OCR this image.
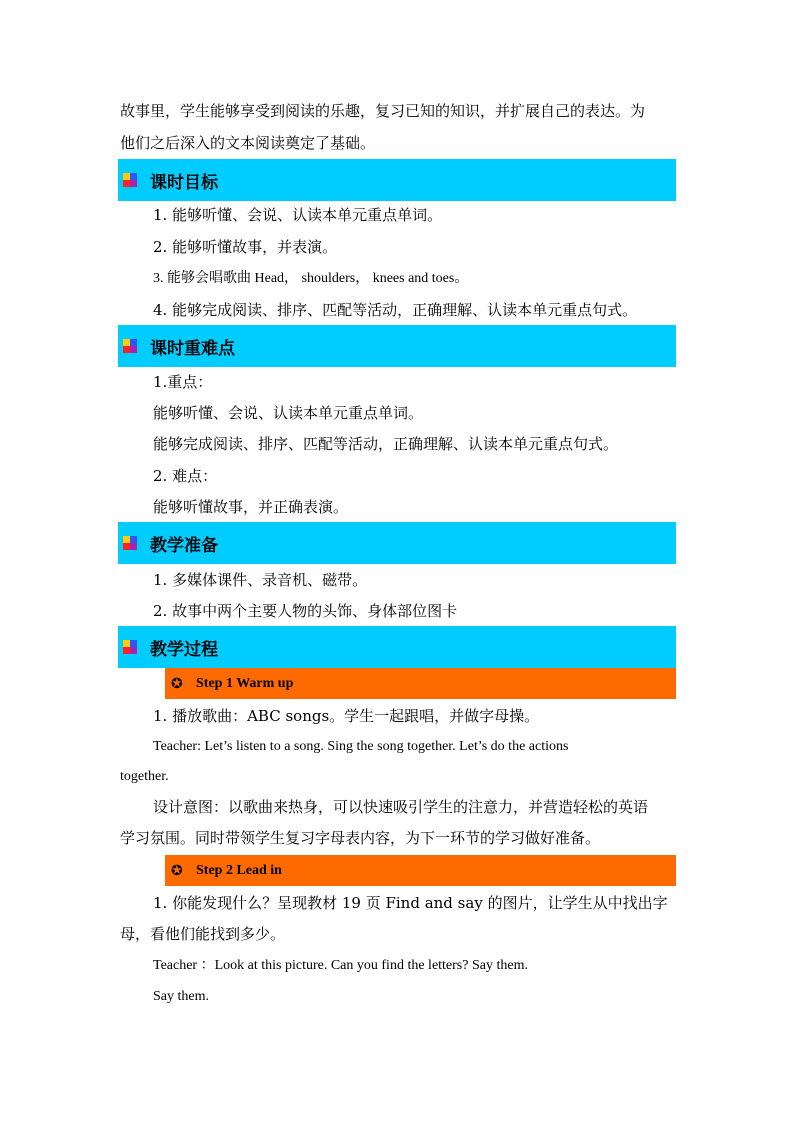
故事里，学生能够享受到阅读的乐趣，复习已知的知识，并扩展自己的表达。为
他们之后深入的文本阅读奠定了基础。
课时目标
1. 能够听懂、会说、认读本单元重点单词。
2. 能够听懂故事，并表演。
3. 能够会唱歌曲 Head， shoulders， knees and toes。
4. 能够完成阅读、排序、匹配等活动，正确理解、认读本单元重点句式。
课时重难点
1.重点：
能够听懂、会说、认读本单元重点单词。
能够完成阅读、排序、匹配等活动，正确理解、认读本单元重点句式。
2. 难点：
能够听懂故事，并正确表演。
教学准备
1. 多媒体课件、录音机、磁带。
2. 故事中两个主要人物的头饰、身体部位图卡
教学过程
✪ Step 1 Warm up
1. 播放歌曲：ABC songs。学生一起跟唱，并做字母操。
Teacher: Let’s listen to a song. Sing the song together. Let’s do the actions
together.
设计意图：以歌曲来热身，可以快速吸引学生的注意力，并营造轻松的英语
学习氛围。同时带领学生复习字母表内容，为下一环节的学习做好准备。
✪ Step 2 Lead in
1. 你能发现什么？呈现教材 19 页 Find and say 的图片，让学生从中找出字
母，看他们能找到多少。
Teacher ：Look at this picture. Can you find the letters? Say them.
Say them.
